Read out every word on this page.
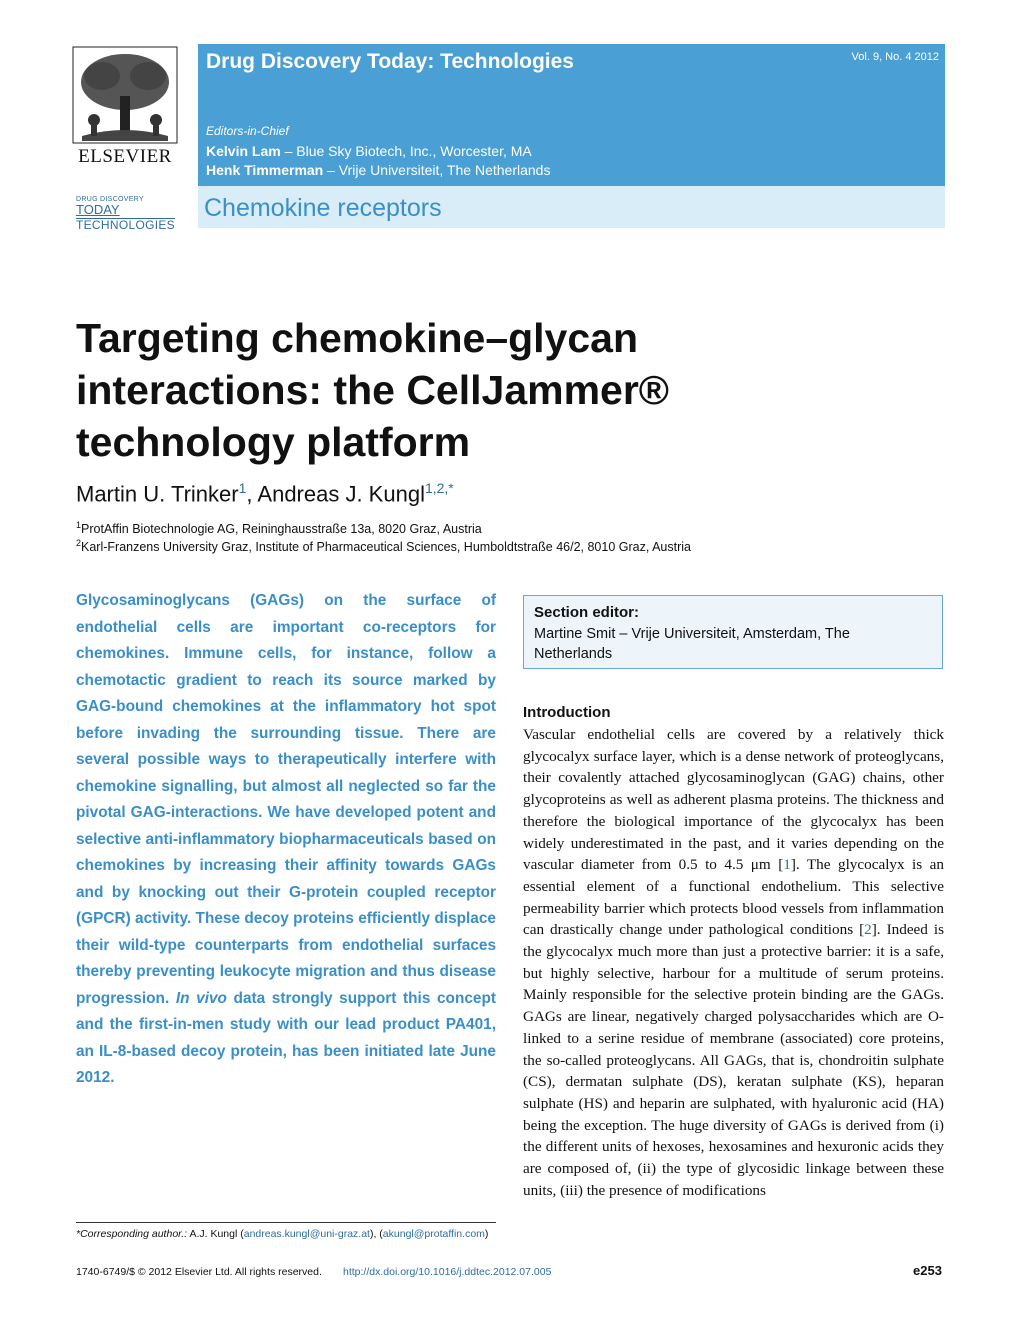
ELSEVIER
DRUG DISCOVERY
TODAY
TECHNOLOGIES
Drug Discovery Today: Technologies	Vol. 9, No. 4 2012
Editors-in-Chief
Kelvin Lam – Blue Sky Biotech, Inc., Worcester, MA
Henk Timmerman – Vrije Universiteit, The Netherlands
Chemokine receptors
Targeting chemokine–glycan
interactions: the CellJammer®
technology platform
Martin U. Trinker$^1$, Andreas J. Kungl$^{1,2,*}$
$^1$ProtAffin Biotechnologie AG, Reininghausstraße 13a, 8020 Graz, Austria
$^2$Karl-Franzens University Graz, Institute of Pharmaceutical Sciences, Humboldtstraße 46/2, 8010 Graz, Austria
Glycosaminoglycans (GAGs) on the surface of endothelial cells are important co-receptors for chemokines. Immune cells, for instance, follow a chemotactic gradient to reach its source marked by GAG-bound chemokines at the inflammatory hot spot before invading the surrounding tissue. There are several possible ways to therapeutically interfere with chemokine signalling, but almost all neglected so far the pivotal GAG-interactions. We have developed potent and selective anti-inflammatory biopharmaceuticals based on chemokines by increasing their affinity towards GAGs and by knocking out their G-protein coupled receptor (GPCR) activity. These decoy proteins efficiently displace their wild-type counterparts from endothelial surfaces thereby preventing leukocyte migration and thus disease progression. In vivo data strongly support this concept and the first-in-men study with our lead product PA401, an IL-8-based decoy protein, has been initiated late June 2012.
Section editor:
Martine Smit – Vrije Universiteit, Amsterdam, The Netherlands
Introduction
Vascular endothelial cells are covered by a relatively thick glycocalyx surface layer, which is a dense network of proteoglycans, their covalently attached glycosaminoglycan (GAG) chains, other glycoproteins as well as adherent plasma proteins. The thickness and therefore the biological importance of the glycocalyx has been widely underestimated in the past, and it varies depending on the vascular diameter from 0.5 to 4.5 μm [1]. The glycocalyx is an essential element of a functional endothelium. This selective permeability barrier which protects blood vessels from inflammation can drastically change under pathological conditions [2]. Indeed is the glycocalyx much more than just a protective barrier: it is a safe, but highly selective, harbour for a multitude of serum proteins. Mainly responsible for the selective protein binding are the GAGs. GAGs are linear, negatively charged polysaccharides which are O-linked to a serine residue of membrane (associated) core proteins, the so-called proteoglycans. All GAGs, that is, chondroitin sulphate (CS), dermatan sulphate (DS), keratan sulphate (KS), heparan sulphate (HS) and heparin are sulphated, with hyaluronic acid (HA) being the exception. The huge diversity of GAGs is derived from (i) the different units of hexoses, hexosamines and hexuronic acids they are composed of, (ii) the type of glycosidic linkage between these units, (iii) the presence of modifications
*Corresponding author.: A.J. Kungl (andreas.kungl@uni-graz.at), (akungl@protaffin.com)
1740-6749/$ © 2012 Elsevier Ltd. All rights reserved. http://dx.doi.org/10.1016/j.ddtec.2012.07.005	e253
